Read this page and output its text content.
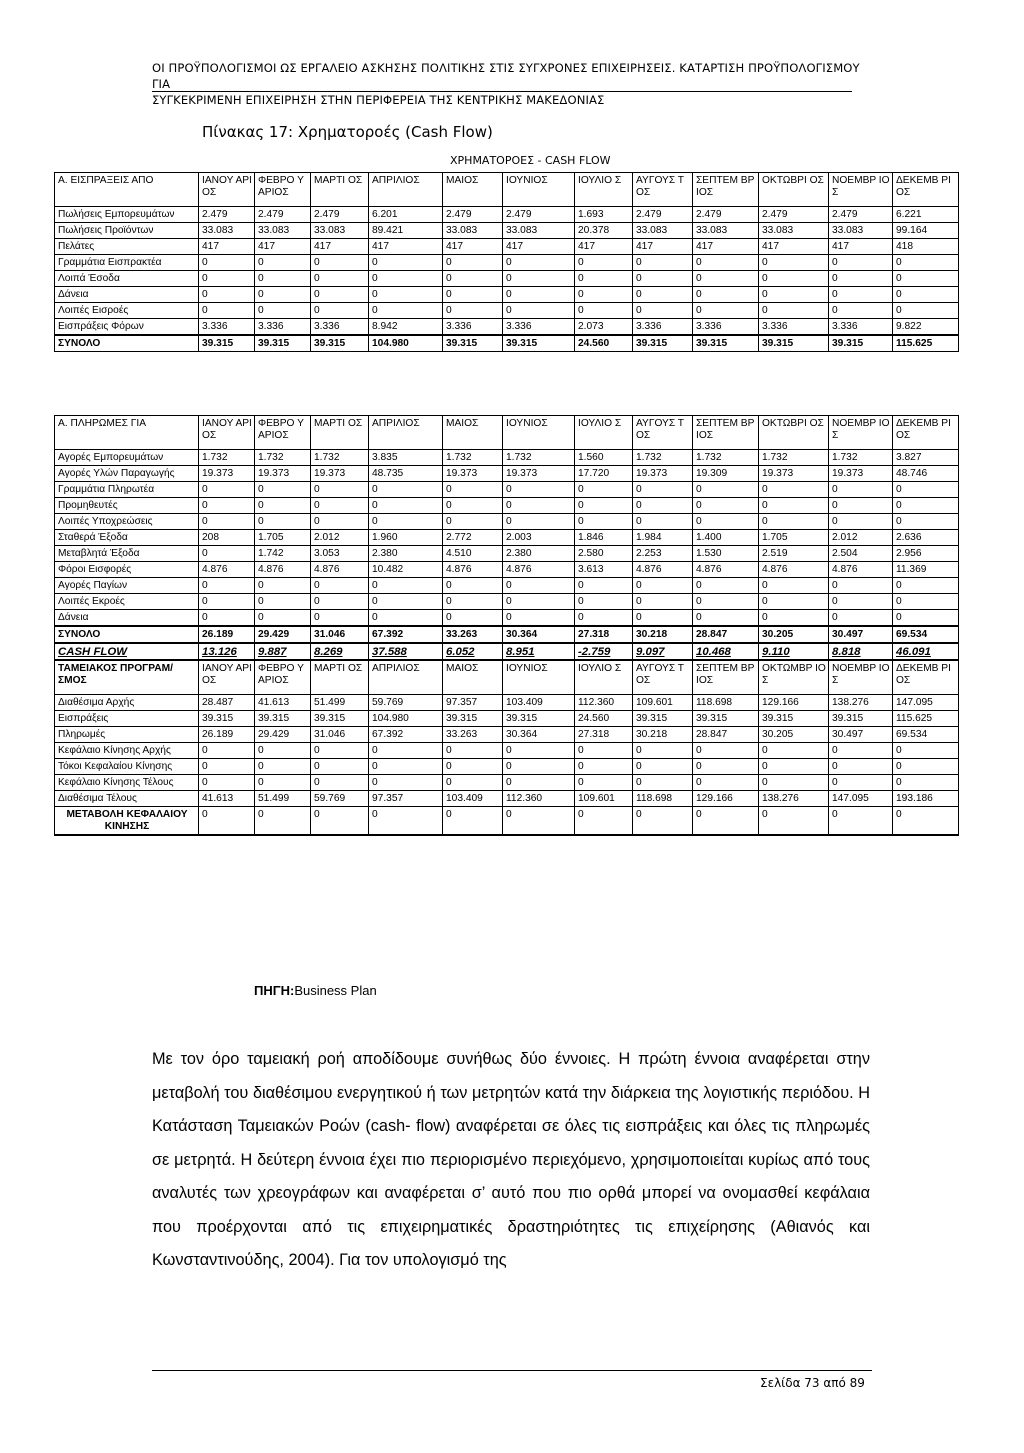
ΟΙ ΠΡΟΫΠΟΛΟΓΙΣΜΟΙ ΩΣ ΕΡΓΑΛΕΙΟ ΑΣΚΗΣΗΣ ΠΟΛΙΤΙΚΗΣ ΣΤΙΣ ΣΥΓΧΡΟΝΕΣ ΕΠΙΧΕΙΡΗΣΕΙΣ. ΚΑΤΑΡΤΙΣΗ ΠΡΟΫΠΟΛΟΓΙΣΜΟΥ ΓΙΑ
ΣΥΓΚΕΚΡΙΜΕΝΗ ΕΠΙΧΕΙΡΗΣΗ ΣΤΗΝ ΠΕΡΙΦΕΡΕΙΑ ΤΗΣ ΚΕΝΤΡΙΚΗΣ ΜΑΚΕΔΟΝΙΑΣ
Πίνακας 17: Χρηματοροές (Cash Flow)
ΧΡΗΜΑΤΟΡΟΕΣ - CASH FLOW
Α. ΕΙΣΠΡΑΞΕΙΣ ΑΠΟ	ΙΑΝΟΥ ΑΡΙΟΣ	ΦΕΒΡΟ ΥΑΡΙΟΣ	ΜΑΡΤΙ ΟΣ	ΑΠΡΙΛΙΟΣ	ΜΑΙΟΣ	ΙΟΥΝΙΟΣ	ΙΟΥΛΙΟ Σ	ΑΥΓΟΥΣ ΤΟΣ	ΣΕΠΤΕΜ ΒΡΙΟΣ	ΟΚΤΩΒΡΙ ΟΣ	ΝΟΕΜΒΡ ΙΟΣ	ΔΕΚΕΜΒ ΡΙΟΣ
Πωλήσεις Εμπορευμάτων	2.479	2.479	2.479	6.201	2.479	2.479	1.693	2.479	2.479	2.479	2.479	6.221
Πωλήσεις Προϊόντων	33.083	33.083	33.083	89.421	33.083	33.083	20.378	33.083	33.083	33.083	33.083	99.164
Πελάτες	417	417	417	417	417	417	417	417	417	417	417	418
Γραμμάτια Εισπρακτέα	0	0	0	0	0	0	0	0	0	0	0	0
Λοιπά Έσοδα	0	0	0	0	0	0	0	0	0	0	0	0
Δάνεια	0	0	0	0	0	0	0	0	0	0	0	0
Λοιπές Εισροές	0	0	0	0	0	0	0	0	0	0	0	0
Εισπράξεις Φόρων	3.336	3.336	3.336	8.942	3.336	3.336	2.073	3.336	3.336	3.336	3.336	9.822
ΣΥΝΟΛΟ	39.315	39.315	39.315	104.980	39.315	39.315	24.560	39.315	39.315	39.315	39.315	115.625
Α. ΠΛΗΡΩΜΕΣ ΓΙΑ	ΙΑΝΟΥ ΑΡΙΟΣ	ΦΕΒΡΟ ΥΑΡΙΟΣ	ΜΑΡΤΙ ΟΣ	ΑΠΡΙΛΙΟΣ	ΜΑΙΟΣ	ΙΟΥΝΙΟΣ	ΙΟΥΛΙΟ Σ	ΑΥΓΟΥΣ ΤΟΣ	ΣΕΠΤΕΜ ΒΡΙΟΣ	ΟΚΤΩΒΡΙ ΟΣ	ΝΟΕΜΒΡ ΙΟΣ	ΔΕΚΕΜΒ ΡΙΟΣ
Αγορές Εμπορευμάτων	1.732	1.732	1.732	3.835	1.732	1.732	1.560	1.732	1.732	1.732	1.732	3.827
Αγορές Υλών Παραγωγής	19.373	19.373	19.373	48.735	19.373	19.373	17.720	19.373	19.309	19.373	19.373	48.746
Γραμμάτια Πληρωτέα	0	0	0	0	0	0	0	0	0	0	0	0
Προμηθευτές	0	0	0	0	0	0	0	0	0	0	0	0
Λοιπές Υποχρεώσεις	0	0	0	0	0	0	0	0	0	0	0	0
Σταθερά Έξοδα	208	1.705	2.012	1.960	2.772	2.003	1.846	1.984	1.400	1.705	2.012	2.636
Μεταβλητά Έξοδα	0	1.742	3.053	2.380	4.510	2.380	2.580	2.253	1.530	2.519	2.504	2.956
Φόροι Εισφορές	4.876	4.876	4.876	10.482	4.876	4.876	3.613	4.876	4.876	4.876	4.876	11.369
Αγορές Παγίων	0	0	0	0	0	0	0	0	0	0	0	0
Λοιπές Εκροές	0	0	0	0	0	0	0	0	0	0	0	0
Δάνεια	0	0	0	0	0	0	0	0	0	0	0	0
ΣΥΝΟΛΟ	26.189	29.429	31.046	67.392	33.263	30.364	27.318	30.218	28.847	30.205	30.497	69.534
CASH FLOW	13.126	9.887	8.269	37.588	6.052	8.951	-2.759	9.097	10.468	9.110	8.818	46.091
ΤΑΜΕΙΑΚΟΣ ΠΡΟΓΡΑΜ/ΣΜΟΣ	ΙΑΝΟΥ ΑΡΙΟΣ	ΦΕΒΡΟ ΥΑΡΙΟΣ	ΜΑΡΤΙ ΟΣ	ΑΠΡΙΛΙΟΣ	ΜΑΙΟΣ	ΙΟΥΝΙΟΣ	ΙΟΥΛΙΟ Σ	ΑΥΓΟΥΣ ΤΟΣ	ΣΕΠΤΕΜ ΒΡΙΟΣ	ΟΚΤΩΜΒΡ ΙΟΣ	ΝΟΕΜΒΡ ΙΟΣ	ΔΕΚΕΜΒ ΡΙΟΣ
Διαθέσιμα Αρχής	28.487	41.613	51.499	59.769	97.357	103.409	112.360	109.601	118.698	129.166	138.276	147.095
Εισπράξεις	39.315	39.315	39.315	104.980	39.315	39.315	24.560	39.315	39.315	39.315	39.315	115.625
Πληρωμές	26.189	29.429	31.046	67.392	33.263	30.364	27.318	30.218	28.847	30.205	30.497	69.534
Κεφάλαιο Κίνησης Αρχής	0	0	0	0	0	0	0	0	0	0	0	0
Τόκοι Κεφαλαίου Κίνησης	0	0	0	0	0	0	0	0	0	0	0	0
Κεφάλαιο Κίνησης Τέλους	0	0	0	0	0	0	0	0	0	0	0	0
Διαθέσιμα Τέλους	41.613	51.499	59.769	97.357	103.409	112.360	109.601	118.698	129.166	138.276	147.095	193.186
ΜΕΤΑΒΟΛΗ ΚΕΦΑΛΑΙΟΥ ΚΙΝΗΣΗΣ	0	0	0	0	0	0	0	0	0	0	0	0
ΠΗΓΗ:Business Plan
Με τον όρο ταμειακή ροή αποδίδουμε συνήθως δύο έννοιες. Η πρώτη έννοια αναφέρεται στην μεταβολή του διαθέσιμου ενεργητικού ή των μετρητών κατά την διάρκεια της λογιστικής περιόδου. Η Κατάσταση Ταμειακών Ροών (cash- flow) αναφέρεται σε όλες τις εισπράξεις και όλες τις πληρωμές σε μετρητά. Η δεύτερη έννοια έχει πιο περιορισμένο περιεχόμενο, χρησιμοποιείται κυρίως από τους αναλυτές των χρεογράφων και αναφέρεται σ’ αυτό που πιο ορθά μπορεί να ονομασθεί κεφάλαια που προέρχονται από τις επιχειρηματικές δραστηριότητες τις επιχείρησης (Αθιανός και Κωνσταντινούδης, 2004). Για τον υπολογισμό της
Σελίδα 73 από 89
